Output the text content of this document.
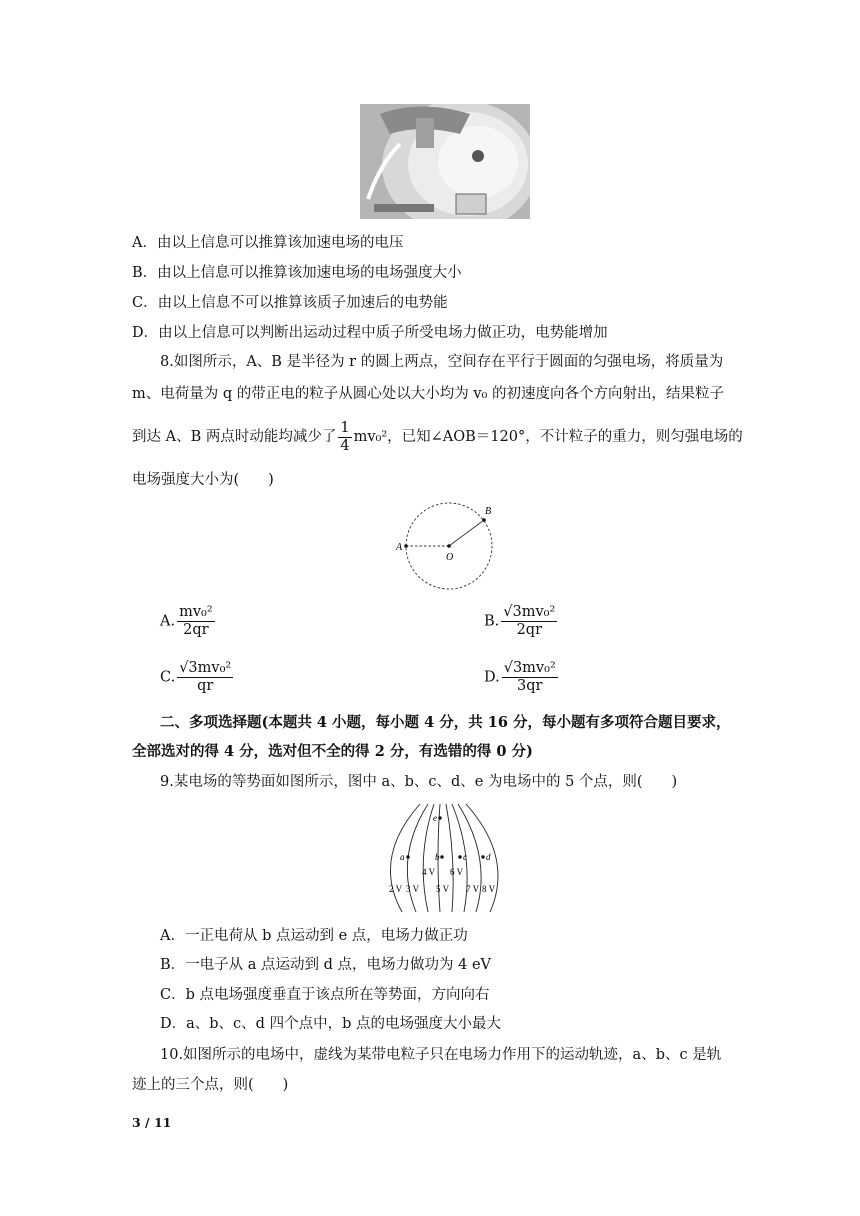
A．由以上信息可以推算该加速电场的电压
B．由以上信息可以推算该加速电场的电场强度大小
C．由以上信息不可以推算该质子加速后的电势能
D．由以上信息可以判断出运动过程中质子所受电场力做正功，电势能增加
8.如图所示，A、B 是半径为 r 的圆上两点，空间存在平行于圆面的匀强电场，将质量为
m、电荷量为 q 的带正电的粒子从圆心处以大小均为 v₀ 的初速度向各个方向射出，结果粒子
到达 A、B 两点时动能均减少了 $\frac{1}{4} mv_0^2$，已知∠AOB＝120°，不计粒子的重力，则匀强电场的
电场强度大小为(　　)
A
O
B
A. $\frac{\text{mv₀²}}{2qr}$	B. $\frac{\text{√3mv₀²}}{2qr}$
C. $\frac{\text{√3mv₀²}}{qr}$	D. $\frac{\text{√3mv₀²}}{3qr}$
二、多项选择题(本题共 4 小题，每小题 4 分，共 16 分，每小题有多项符合题目要求，
全部选对的得 4 分，选对但不全的得 2 分，有选错的得 0 分)
9.某电场的等势面如图所示，图中 a、b、c、d、e 为电场中的 5 个点，则(　　)
a	b	c d
e
2 V 3 V
4 V
5 V
6 V
7 V 8 V
A．一正电荷从 b 点运动到 e 点，电场力做正功
B．一电子从 a 点运动到 d 点，电场力做功为 4 eV
C．b 点电场强度垂直于该点所在等势面，方向向右
D．a、b、c、d 四个点中，b 点的电场强度大小最大
10.如图所示的电场中，虚线为某带电粒子只在电场力作用下的运动轨迹，a、b、c 是轨
迹上的三个点，则(　　)
3 / 11
